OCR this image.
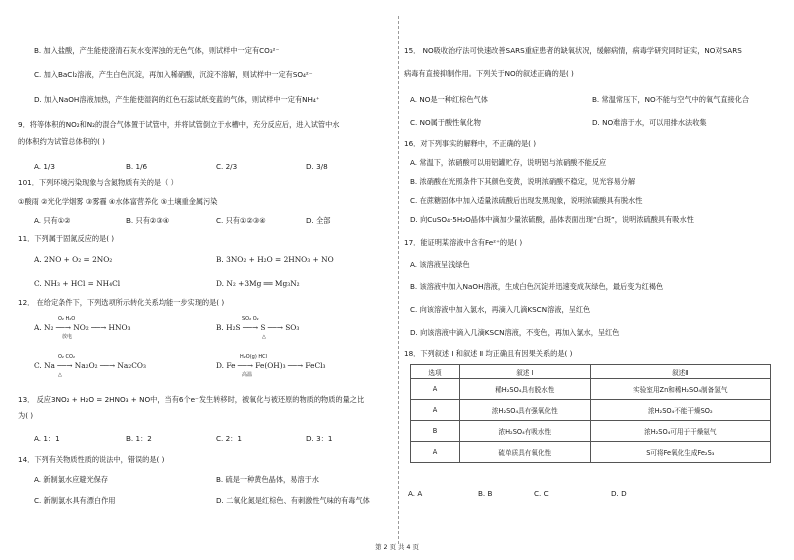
B. 加入盐酸，产生能使澄清石灰水变浑浊的无色气体，则试样中一定有CO₃²⁻
C. 加入BaCl₂溶液，产生白色沉淀，再加入稀硝酸，沉淀不溶解，则试样中一定有SO₄²⁻
D. 加入NaOH溶液加热，产生能使湿润的红色石蕊试纸变蓝的气体，则试样中一定有NH₄⁺
9．将等体积的NO₂和N₂的混合气体置于试管中，并将试管倒立于水槽中，充分反应后，进入试管中水
的体积约为试管总体积的( )
A. 1/3	B. 1/6	C. 2/3	D. 3/8
101．下列环境污染现象与含氮物质有关的是（ ）
①酸雨 ②光化学烟雾 ③雾霾 ④水体富营养化 ⑤土壤重金属污染
A. 只有①②	B. 只有②③④	C. 只有①②③④	D. 全部
11．下列属于固氮反应的是( )
A. 2NO + O₂ = 2NO₂	B. 3NO₂ + H₂O = 2HNO₃ + NO
C. NH₃ + HCl = NH₄Cl	D. N₂ +3Mg ══ Mg₃N₂
12． 在给定条件下，下列选项所示转化关系均能一步实现的是( )
O₂ H₂O
A. N₂ ──→ NO₂ ──→ HNO₃
放电
SO₂ O₂
B. H₂S ──→ S ──→ SO₃
△
O₂ CO₂
C. Na ──→ Na₂O₂ ──→ Na₂CO₃
△
H₂O(g) HCl
D. Fe ──→ Fe(OH)₃ ──→ FeCl₃
高温
13． 反应3NO₂ + H₂O = 2HNO₃ + NO中，当有6个e⁻发生转移时，被氧化与被还原的物质的物质的量之比
为( )
A. 1：1	B. 1：2	C. 2：1	D. 3：1
14．下列有关物质性质的说法中，错误的是( )
A. 新制氯水应避光保存	B. 硫是一种黄色晶体，易溶于水
C. 新制氯水具有漂白作用	D. 二氧化氮是红棕色、有刺激性气味的有毒气体
15． NO吸收治疗法可快速改善SARS重症患者的缺氧状况，缓解病情，病毒学研究同时证实，NO对SARS
病毒有直接抑制作用。下列关于NO的叙述正确的是( )
A. NO是一种红棕色气体	B. 常温常压下，NO不能与空气中的氧气直接化合
C. NO属于酸性氧化物	D. NO难溶于水，可以用排水法收集
16．对下列事实的解释中，不正确的是( )
A. 常温下，浓硝酸可以用铝罐贮存，说明铝与浓硝酸不能反应
B. 浓硝酸在光照条件下其颜色变黄，说明浓硝酸不稳定，见光容易分解
C. 在蔗糖固体中加入适量浓硫酸后出现发黑现象，说明浓硫酸具有脱水性
D. 向CuSO₄·5H₂O晶体中滴加少量浓硫酸，晶体表面出现“白斑”，说明浓硫酸具有吸水性
17．能证明某溶液中含有Fe²⁺的是( )
A. 该溶液呈浅绿色
B. 该溶液中加入NaOH溶液，生成白色沉淀并迅速变成灰绿色，最后变为红褐色
C. 向该溶液中加入氯水，再滴入几滴KSCN溶液，呈红色
D. 向该溶液中滴入几滴KSCN溶液，不变色，再加入氯水，呈红色
18．下列叙述 Ⅰ 和叙述 Ⅱ 均正确且有因果关系的是( )
A. A	B. B	C. C	D. D
选项	叙述 Ⅰ	叙述Ⅱ
A	稀H₂SO₄具有脱水性	实验室用Zn和稀H₂SO₄制备氢气
A	浓H₂SO₄具有强氧化性	浓H₂SO₄不能干燥SO₂
B	浓H₂SO₄有吸水性	浓H₂SO₄可用于干燥氨气
A	硫单质具有氧化性	S可将Fe氧化生成Fe₂S₃
第 2 页 共 4 页
